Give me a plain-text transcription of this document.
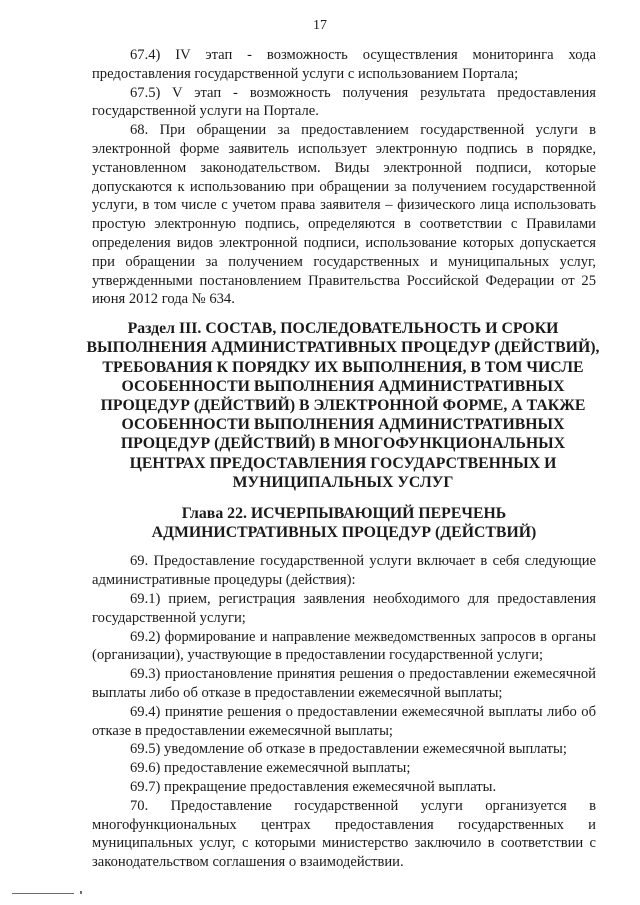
17

67.4) IV этап - возможность осуществления мониторинга хода предоставления государственной услуги с использованием Портала;

67.5) V этап - возможность получения результата предоставления государственной услуги на Портале.

68. При обращении за предоставлением государственной услуги в электронной форме заявитель использует электронную подпись в порядке, установленном законодательством. Виды электронной подписи, которые допускаются к использованию при обращении за получением государственной услуги, в том числе с учетом права заявителя – физического лица использовать простую электронную подпись, определяются в соответствии с Правилами определения видов электронной подписи, использование которых допускается при обращении за получением государственных и муниципальных услуг, утвержденными постановлением Правительства Российской Федерации от 25 июня 2012 года № 634.

Раздел III. СОСТАВ, ПОСЛЕДОВАТЕЛЬНОСТЬ И СРОКИ ВЫПОЛНЕНИЯ АДМИНИСТРАТИВНЫХ ПРОЦЕДУР (ДЕЙСТВИЙ), ТРЕБОВАНИЯ К ПОРЯДКУ ИХ ВЫПОЛНЕНИЯ, В ТОМ ЧИСЛЕ ОСОБЕННОСТИ ВЫПОЛНЕНИЯ АДМИНИСТРАТИВНЫХ ПРОЦЕДУР (ДЕЙСТВИЙ) В ЭЛЕКТРОННОЙ ФОРМЕ, А ТАКЖЕ ОСОБЕННОСТИ ВЫПОЛНЕНИЯ АДМИНИСТРАТИВНЫХ ПРОЦЕДУР (ДЕЙСТВИЙ) В МНОГОФУНКЦИОНАЛЬНЫХ ЦЕНТРАХ ПРЕДОСТАВЛЕНИЯ ГОСУДАРСТВЕННЫХ И МУНИЦИПАЛЬНЫХ УСЛУГ
Глава 22. ИСЧЕРПЫВАЮЩИЙ ПЕРЕЧЕНЬ АДМИНИСТРАТИВНЫХ ПРОЦЕДУР (ДЕЙСТВИЙ)

69. Предоставление государственной услуги включает в себя следующие административные процедуры (действия):

69.1) прием, регистрация заявления необходимого для предоставления государственной услуги;

69.2) формирование и направление межведомственных запросов в органы (организации), участвующие в предоставлении государственной услуги;

69.3) приостановление принятия решения о предоставлении ежемесячной выплаты либо об отказе в предоставлении ежемесячной выплаты;

69.4) принятие решения о предоставлении ежемесячной выплаты либо об отказе в предоставлении ежемесячной выплаты;

69.5) уведомление об отказе в предоставлении ежемесячной выплаты;

69.6) предоставление ежемесячной выплаты;

69.7) прекращение предоставления ежемесячной выплаты.

70. Предоставление государственной услуги организуется в многофункциональных центрах предоставления государственных и муниципальных услуг, с которыми министерство заключило в соответствии с законодательством соглашения о взаимодействии.
